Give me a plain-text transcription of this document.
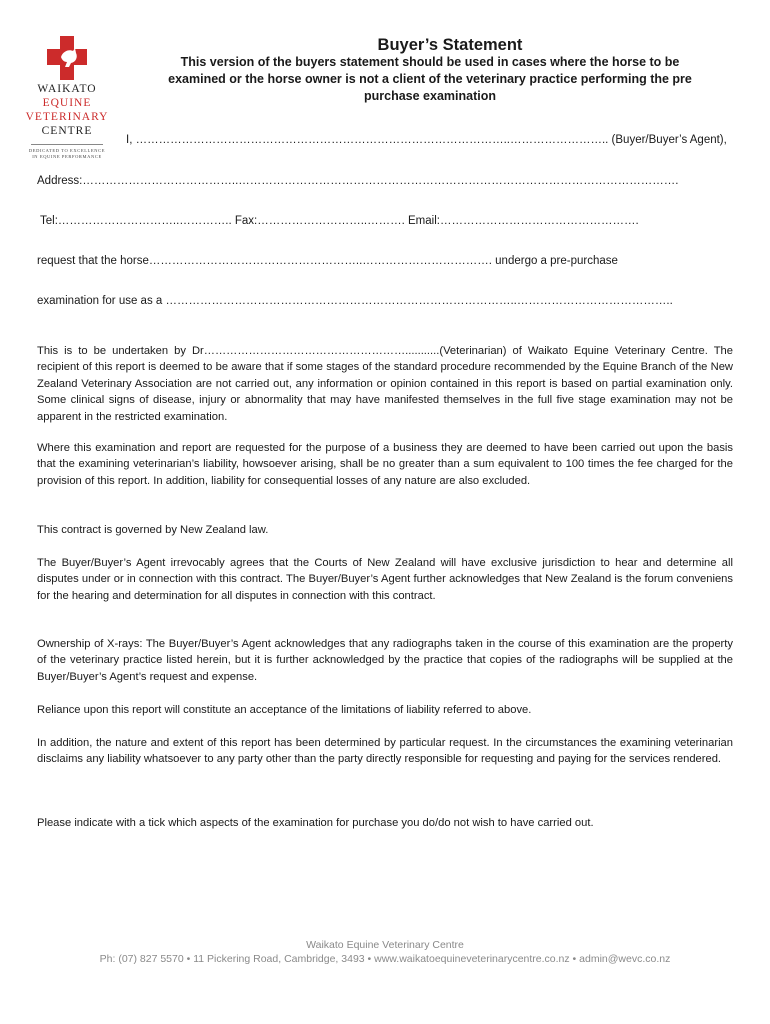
WAIKATO
EQUINE
VETERINARY
CENTRE
DEDICATED TO EXCELLENCE
IN EQUINE PERFORMANCE
Buyer’s Statement
This version of the buyers statement should be used in cases where the horse to be
examined or the horse owner is not a client of the veterinary practice performing the pre
purchase examination
I, ……………………………………………………………………………………..…………………….. (Buyer/Buyer’s Agent),
Address:…………………………………..…………………………………………………………………………………………………….
Tel:…………………………..………….. Fax:………………………..………. Email:…………………………………………….
request that the horse………………………………………………..……………………………. undergo a pre-purchase
examination for use as a ………………………………………………………………………………..…………………………………..
This is to be undertaken by Dr………………………………………………...........(Veterinarian) of Waikato Equine Veterinary Centre. The recipient of this report is deemed to be aware that if some stages of the standard procedure recommended by the Equine Branch of the New Zealand Veterinary Association are not carried out, any information or opinion contained in this report is based on partial examination only. Some clinical signs of disease, injury or abnormality that may have manifested themselves in the full five stage examination may not be apparent in the restricted examination.
Where this examination and report are requested for the purpose of a business they are deemed to have been carried out upon the basis that the examining veterinarian’s liability, howsoever arising, shall be no greater than a sum equivalent to 100 times the fee charged for the provision of this report. In addition, liability for consequential losses of any nature are also excluded.
This contract is governed by New Zealand law.
The Buyer/Buyer’s Agent irrevocably agrees that the Courts of New Zealand will have exclusive jurisdiction to hear and determine all disputes under or in connection with this contract. The Buyer/Buyer’s Agent further acknowledges that New Zealand is the forum conveniens for the hearing and determination for all disputes in connection with this contract.
Ownership of X-rays: The Buyer/Buyer’s Agent acknowledges that any radiographs taken in the course of this examination are the property of the veterinary practice listed herein, but it is further acknowledged by the practice that copies of the radiographs will be supplied at the Buyer/Buyer’s Agent’s request and expense.
Reliance upon this report will constitute an acceptance of the limitations of liability referred to above.
In addition, the nature and extent of this report has been determined by particular request. In the circumstances the examining veterinarian disclaims any liability whatsoever to any party other than the party directly responsible for requesting and paying for the services rendered.
Please indicate with a tick which aspects of the examination for purchase you do/do not wish to have carried out.
Waikato Equine Veterinary Centre
Ph: (07) 827 5570 • 11 Pickering Road, Cambridge, 3493 • www.waikatoequineveterinarycentre.co.nz • admin@wevc.co.nz
